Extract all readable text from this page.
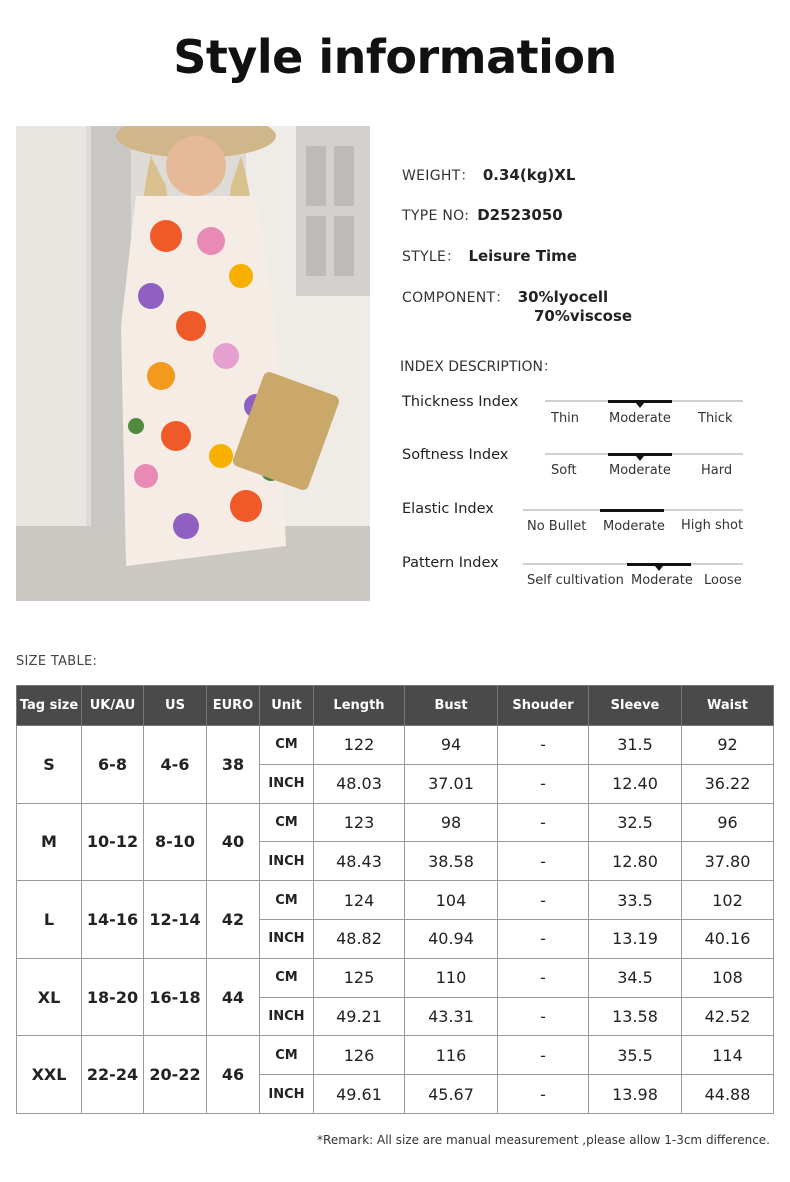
Style information
WEIGHT： 0.34(kg)XL
TYPE NO: D2523050
STYLE： Leisure Time
COMPONENT： 30%lyocell
70%viscose
INDEX DESCRIPTION：
Thickness Index
Thin Moderate Thick
Softness Index
Soft Moderate Hard
Elastic Index
No Bullet Moderate High shot
Pattern Index
Self cultivation Moderate Loose
SIZE TABLE:
Tag size	UK/AU	US	EURO	Unit	Length	Bust	Shouder	Sleeve	Waist
S	6-8	4-6	38	CM	122	94	-	31.5	92
				INCH	48.03	37.01	-	12.40	36.22
M	10-12	8-10	40	CM	123	98	-	32.5	96
				INCH	48.43	38.58	-	12.80	37.80
L	14-16	12-14	42	CM	124	104	-	33.5	102
				INCH	48.82	40.94	-	13.19	40.16
XL	18-20	16-18	44	CM	125	110	-	34.5	108
				INCH	49.21	43.31	-	13.58	42.52
XXL	22-24	20-22	46	CM	126	116	-	35.5	114
				INCH	49.61	45.67	-	13.98	44.88
*Remark: All size are manual measurement ,please allow 1-3cm difference.
